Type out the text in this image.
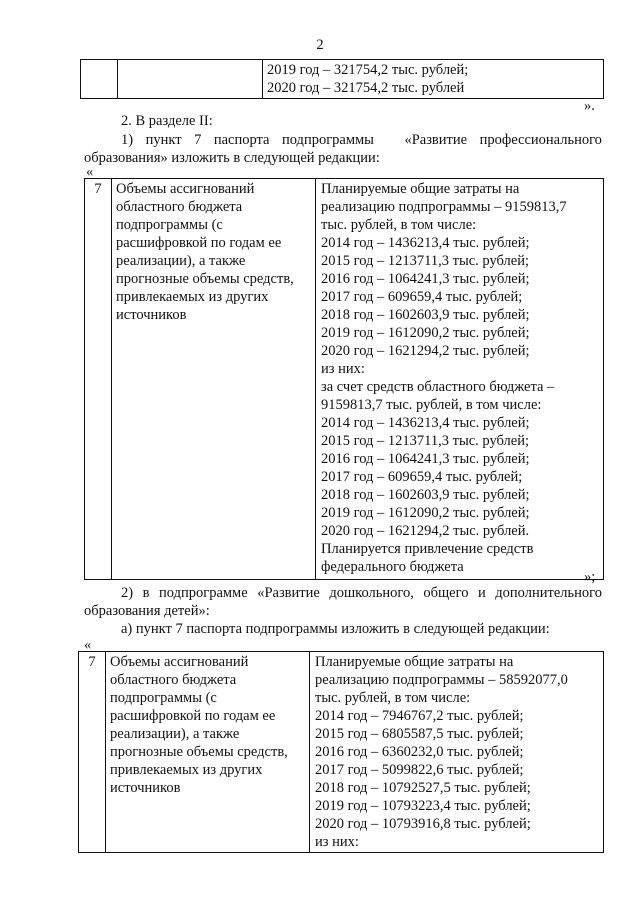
2

2019 год – 321754,2 тыс. рублей;
2020 год – 321754,2 тыс. рублей
».
2. В разделе II:
1) пункт 7 паспорта подпрограммы «Развитие профессионального
образования» изложить в следующей редакции:
«
7	Объемы ассигнований
областного бюджета
подпрограммы (с
расшифровкой по годам ее
реализации), а также
прогнозные объемы средств,
привлекаемых из других
источников

Планируемые общие затраты на
реализацию подпрограммы – 9159813,7
тыс. рублей, в том числе:
2014 год – 1436213,4 тыс. рублей;
2015 год – 1213711,3 тыс. рублей;
2016 год – 1064241,3 тыс. рублей;
2017 год – 609659,4 тыс. рублей;
2018 год – 1602603,9 тыс. рублей;
2019 год – 1612090,2 тыс. рублей;
2020 год – 1621294,2 тыс. рублей;
из них:
за счет средств областного бюджета –
9159813,7 тыс. рублей, в том числе:
2014 год – 1436213,4 тыс. рублей;
2015 год – 1213711,3 тыс. рублей;
2016 год – 1064241,3 тыс. рублей;
2017 год – 609659,4 тыс. рублей;
2018 год – 1602603,9 тыс. рублей;
2019 год – 1612090,2 тыс. рублей;
2020 год – 1621294,2 тыс. рублей.
Планируется привлечение средств
федерального бюджета
»;
2) в подпрограмме «Развитие дошкольного, общего и дополнительного
образования детей»:
а) пункт 7 паспорта подпрограммы изложить в следующей редакции:
«
7	Объемы ассигнований
областного бюджета
подпрограммы (с
расшифровкой по годам ее
реализации), а также
прогнозные объемы средств,
привлекаемых из других
источников

Планируемые общие затраты на
реализацию подпрограммы – 58592077,0
тыс. рублей, в том числе:
2014 год – 7946767,2 тыс. рублей;
2015 год – 6805587,5 тыс. рублей;
2016 год – 6360232,0 тыс. рублей;
2017 год – 5099822,6 тыс. рублей;
2018 год – 10792527,5 тыс. рублей;
2019 год – 10793223,4 тыс. рублей;
2020 год – 10793916,8 тыс. рублей;
из них:
